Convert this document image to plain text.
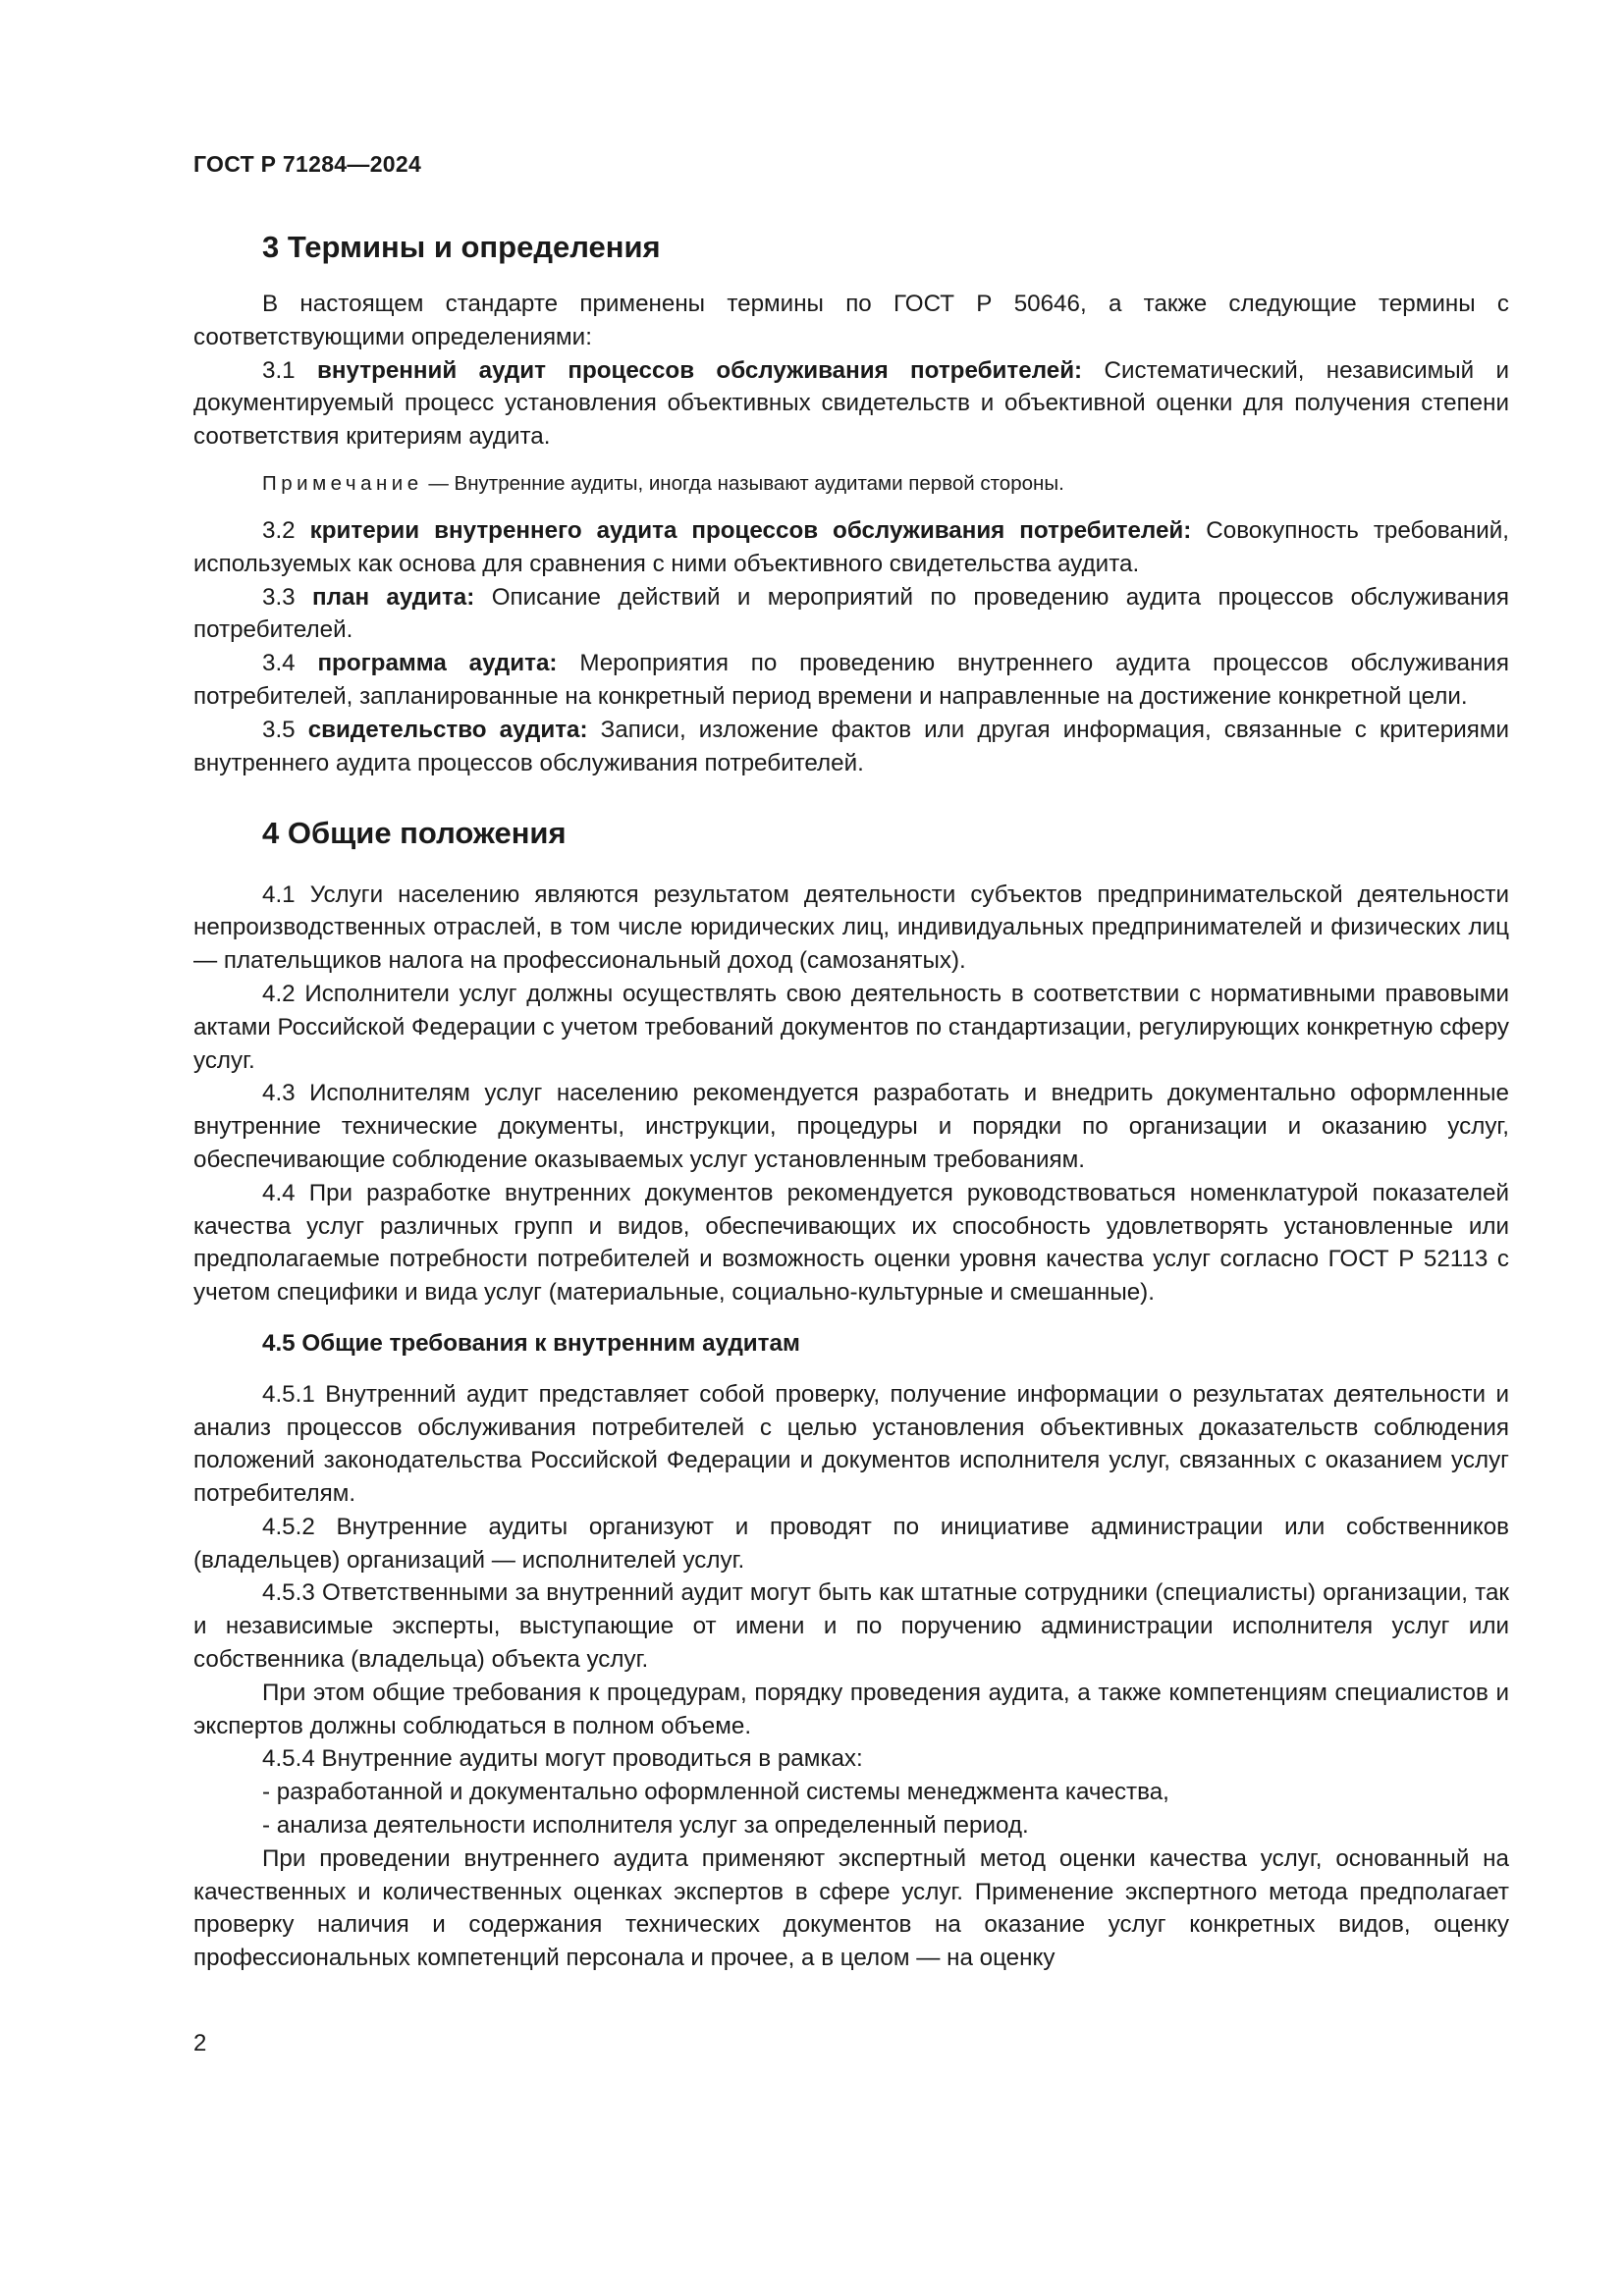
ГОСТ Р 71284—2024
3 Термины и определения

В настоящем стандарте применены термины по ГОСТ Р 50646, а также следующие термины с соответствующими определениями:

3.1 внутренний аудит процессов обслуживания потребителей: Систематический, независимый и документируемый процесс установления объективных свидетельств и объективной оценки для получения степени соответствия критериям аудита.

Примечание — Внутренние аудиты, иногда называют аудитами первой стороны.

3.2 критерии внутреннего аудита процессов обслуживания потребителей: Совокупность требований, используемых как основа для сравнения с ними объективного свидетельства аудита.

3.3 план аудита: Описание действий и мероприятий по проведению аудита процессов обслуживания потребителей.

3.4 программа аудита: Мероприятия по проведению внутреннего аудита процессов обслуживания потребителей, запланированные на конкретный период времени и направленные на достижение конкретной цели.

3.5 свидетельство аудита: Записи, изложение фактов или другая информация, связанные с критериями внутреннего аудита процессов обслуживания потребителей.

4 Общие положения

4.1 Услуги населению являются результатом деятельности субъектов предпринимательской деятельности непроизводственных отраслей, в том числе юридических лиц, индивидуальных предпринимателей и физических лиц — плательщиков налога на профессиональный доход (самозанятых).

4.2 Исполнители услуг должны осуществлять свою деятельность в соответствии с нормативными правовыми актами Российской Федерации с учетом требований документов по стандартизации, регулирующих конкретную сферу услуг.

4.3 Исполнителям услуг населению рекомендуется разработать и внедрить документально оформленные внутренние технические документы, инструкции, процедуры и порядки по организации и оказанию услуг, обеспечивающие соблюдение оказываемых услуг установленным требованиям.

4.4 При разработке внутренних документов рекомендуется руководствоваться номенклатурой показателей качества услуг различных групп и видов, обеспечивающих их способность удовлетворять установленные или предполагаемые потребности потребителей и возможность оценки уровня качества услуг согласно ГОСТ Р 52113 с учетом специфики и вида услуг (материальные, социально-культурные и смешанные).

4.5 Общие требования к внутренним аудитам

4.5.1 Внутренний аудит представляет собой проверку, получение информации о результатах деятельности и анализ процессов обслуживания потребителей с целью установления объективных доказательств соблюдения положений законодательства Российской Федерации и документов исполнителя услуг, связанных с оказанием услуг потребителям.

4.5.2 Внутренние аудиты организуют и проводят по инициативе администрации или собственников (владельцев) организаций — исполнителей услуг.

4.5.3 Ответственными за внутренний аудит могут быть как штатные сотрудники (специалисты) организации, так и независимые эксперты, выступающие от имени и по поручению администрации исполнителя услуг или собственника (владельца) объекта услуг.

При этом общие требования к процедурам, порядку проведения аудита, а также компетенциям специалистов и экспертов должны соблюдаться в полном объеме.

4.5.4 Внутренние аудиты могут проводиться в рамках:

- разработанной и документально оформленной системы менеджмента качества,
- анализа деятельности исполнителя услуг за определенный период.

При проведении внутреннего аудита применяют экспертный метод оценки качества услуг, основанный на качественных и количественных оценках экспертов в сфере услуг. Применение экспертного метода предполагает проверку наличия и содержания технических документов на оказание услуг конкретных видов, оценку профессиональных компетенций персонала и прочее, а в целом — на оценку

2
